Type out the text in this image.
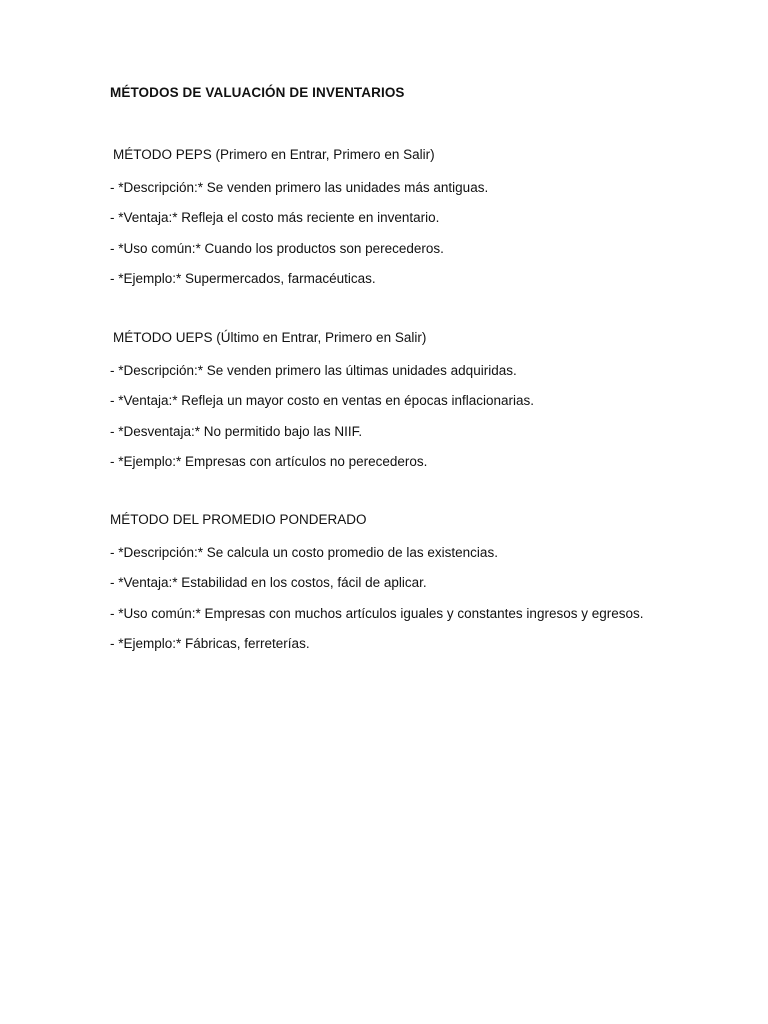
MÉTODOS DE VALUACIÓN DE INVENTARIOS
MÉTODO PEPS (Primero en Entrar, Primero en Salir)
- *Descripción:* Se venden primero las unidades más antiguas.
- *Ventaja:* Refleja el costo más reciente en inventario.
- *Uso común:* Cuando los productos son perecederos.
- *Ejemplo:* Supermercados, farmacéuticas.
MÉTODO UEPS (Último en Entrar, Primero en Salir)
- *Descripción:* Se venden primero las últimas unidades adquiridas.
- *Ventaja:* Refleja un mayor costo en ventas en épocas inflacionarias.
- *Desventaja:* No permitido bajo las NIIF.
- *Ejemplo:* Empresas con artículos no perecederos.
MÉTODO DEL PROMEDIO PONDERADO
- *Descripción:* Se calcula un costo promedio de las existencias.
- *Ventaja:* Estabilidad en los costos, fácil de aplicar.
- *Uso común:* Empresas con muchos artículos iguales y constantes ingresos y egresos.
- *Ejemplo:* Fábricas, ferreterías.
